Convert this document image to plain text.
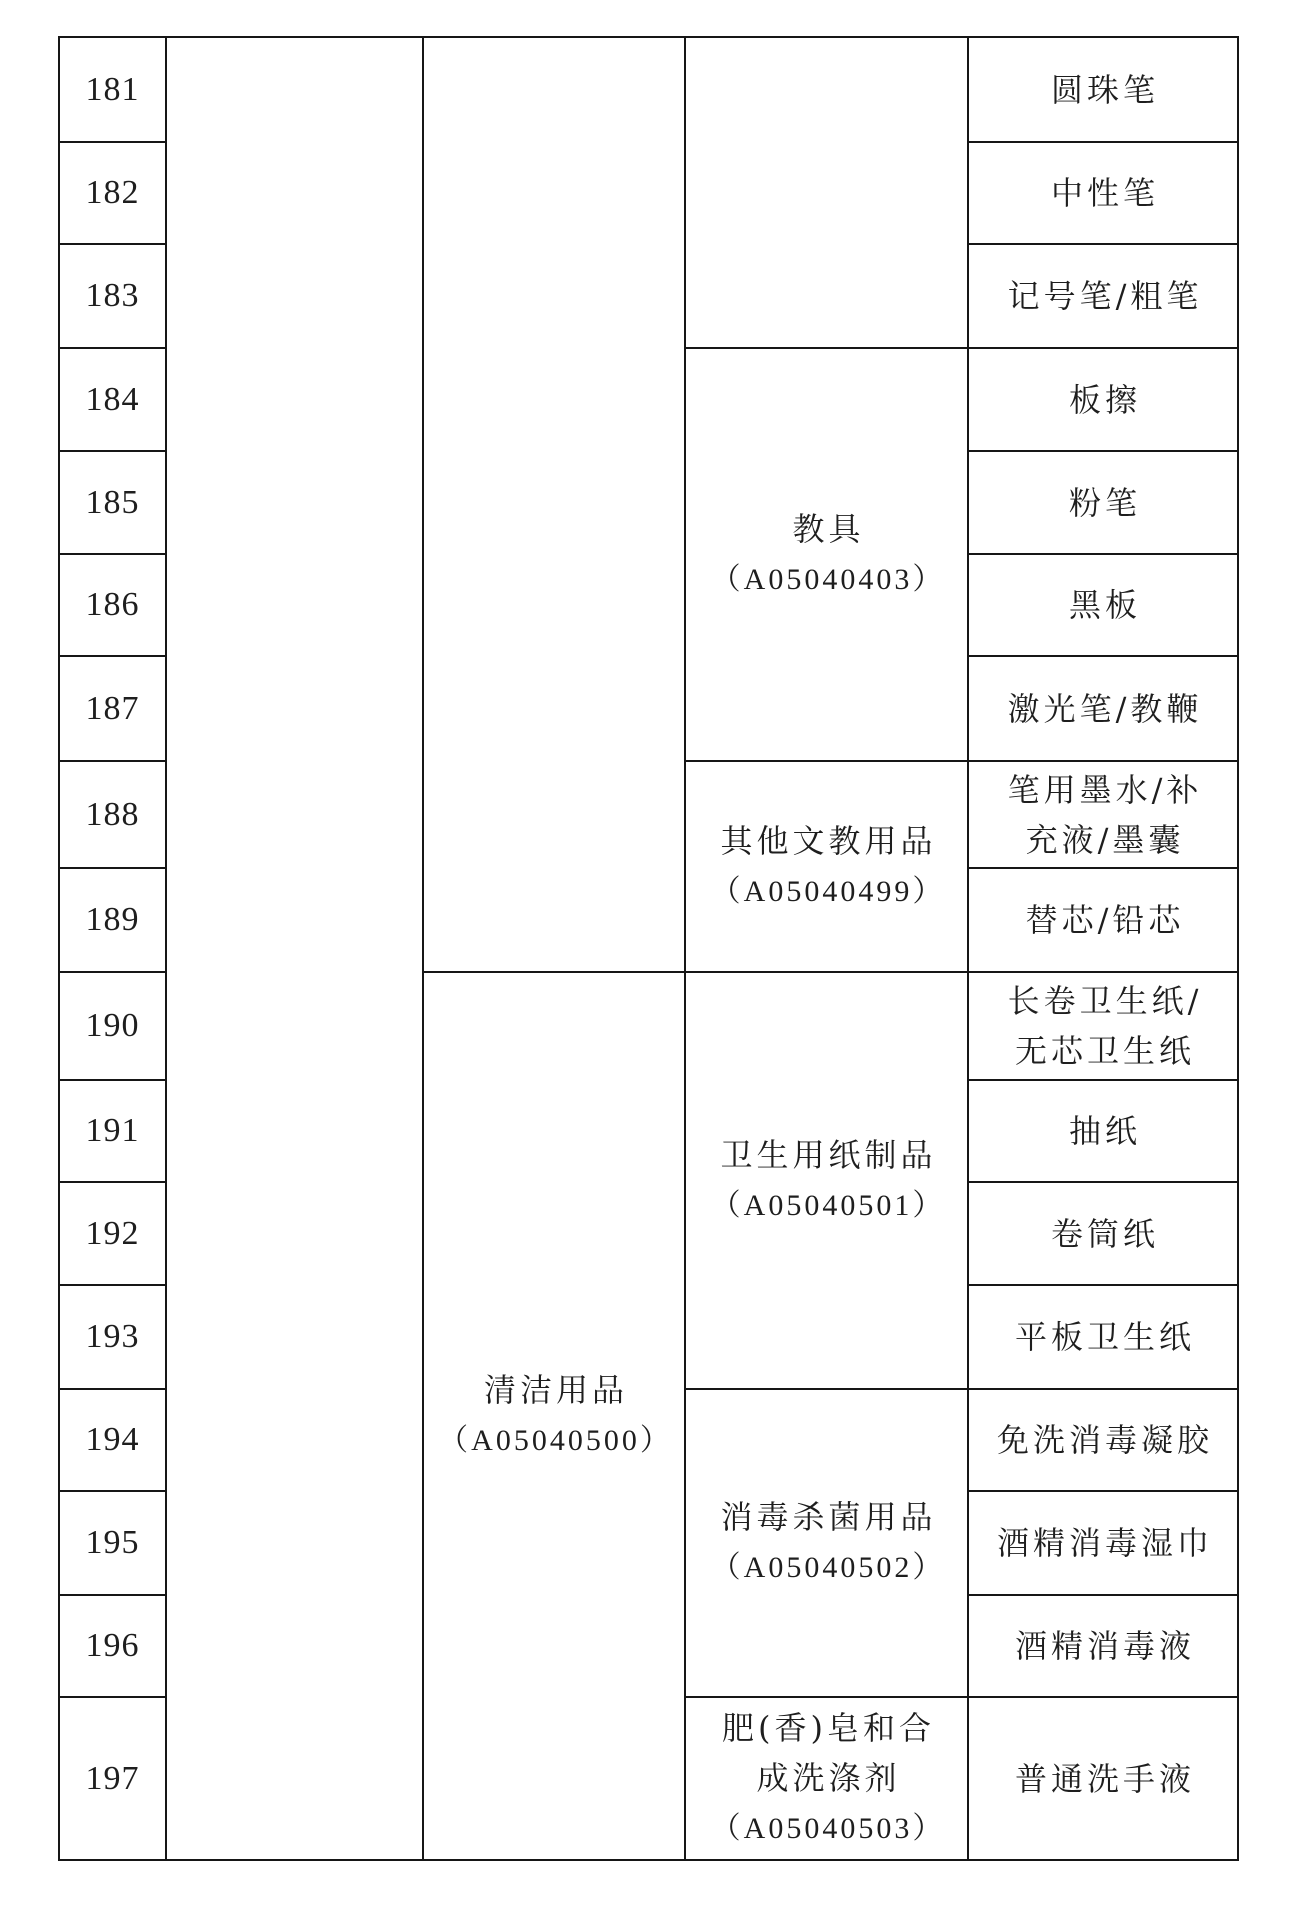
181
182
183
184
185
186
187
188
189
190
191
192
193
194
195
196
197
清洁用品
（A05040500）
教具
（A05040403）
其他文教用品
（A05040499）
卫生用纸制品
（A05040501）
消毒杀菌用品
（A05040502）
肥(香)皂和合
成洗涤剂
（A05040503）
圆珠笔
中性笔
记号笔/粗笔
板擦
粉笔
黑板
激光笔/教鞭
笔用墨水/补
充液/墨囊
替芯/铅芯
长卷卫生纸/
无芯卫生纸
抽纸
卷筒纸
平板卫生纸
免洗消毒凝胶
酒精消毒湿巾
酒精消毒液
普通洗手液
